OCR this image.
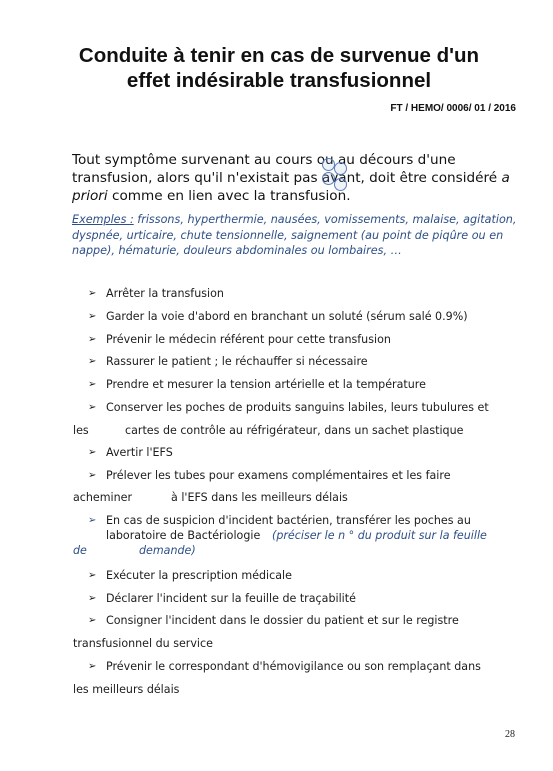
Conduite à tenir en cas de survenue d'un
effet indésirable transfusionnel
FT / HEMO/ 0006/ 01 / 2016
Tout symptôme survenant au cours ou au décours d'une transfusion, alors qu'il n'existait pas avant, doit être considéré a priori comme en lien avec la transfusion.
Exemples : frissons, hyperthermie, nausées, vomissements, malaise, agitation, dyspnée, urticaire, chute tensionnelle, saignement (au point de piqûre ou en nappe), hématurie, douleurs abdominales ou lombaires, …
➢ Arrêter la transfusion
➢ Garder la voie d'abord en branchant un soluté (sérum salé 0.9%)
➢ Prévenir le médecin référent pour cette transfusion
➢ Rassurer le patient ; le réchauffer si nécessaire
➢ Prendre et mesurer la tension artérielle et la température
➢ Conserver les poches de produits sanguins labiles, leurs tubulures et
les	cartes de contrôle au réfrigérateur, dans un sachet plastique
➢ Avertir l'EFS
➢ Prélever les tubes pour examens complémentaires et les faire
acheminer	à l'EFS dans les meilleurs délais
➢ En cas de suspicion d'incident bactérien, transférer les poches au
laboratoire de Bactériologie (préciser le n ° du produit sur la feuille
de	demande)
➢ Exécuter la prescription médicale
➢ Déclarer l'incident sur la feuille de traçabilité
➢ Consigner l'incident dans le dossier du patient et sur le registre
transfusionnel du service
➢ Prévenir le correspondant d'hémovigilance ou son remplaçant dans
les meilleurs délais
28
